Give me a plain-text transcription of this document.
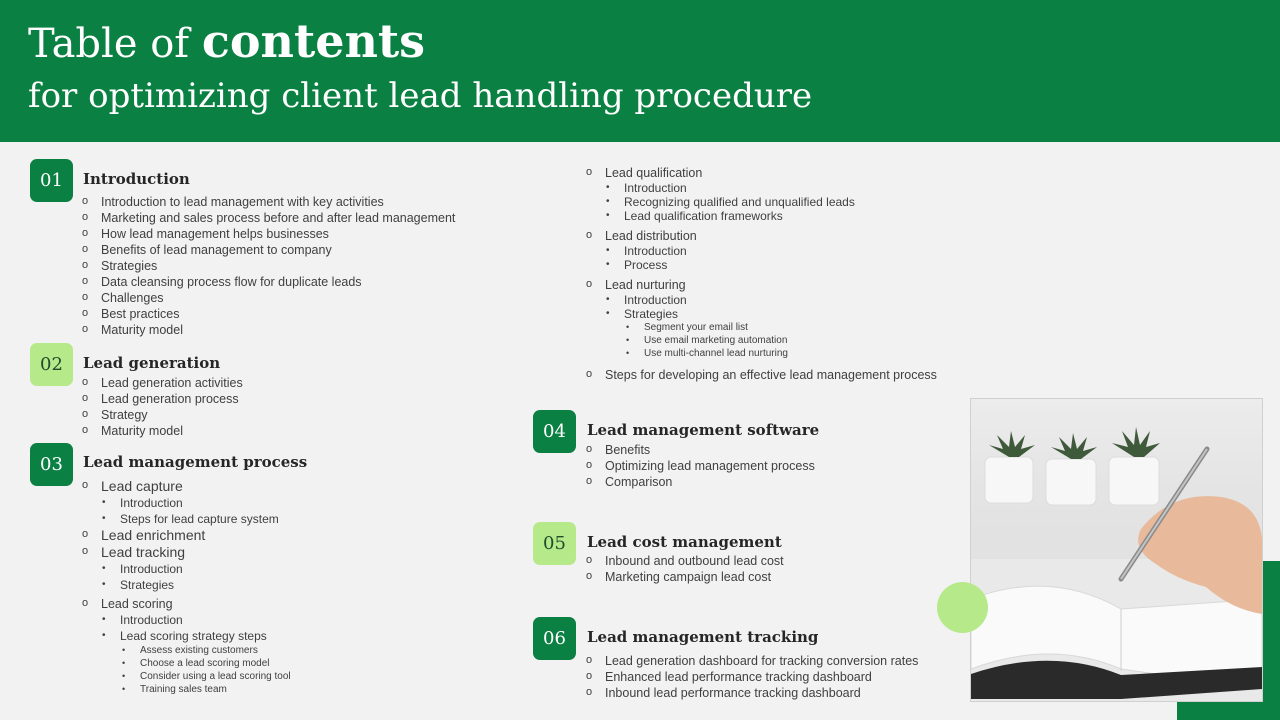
Table of contents
for optimizing client lead handling procedure
01	Introduction
o Introduction to lead management with key activities
o Marketing and sales process before and after lead management
o How lead management helps businesses
o Benefits of lead management to company
o Strategies
o Data cleansing process flow for duplicate leads
o Challenges
o Best practices
o Maturity model
02	Lead generation
o Lead generation activities
o Lead generation process
o Strategy
o Maturity model
03	Lead management process
o Lead capture
• Introduction
• Steps for lead capture system
o Lead enrichment
o Lead tracking
• Introduction
• Strategies
o Lead scoring
• Introduction
• Lead scoring strategy steps
• Assess existing customers
• Choose a lead scoring model
• Consider using a lead scoring tool
• Training sales team
o Lead qualification
• Introduction
• Recognizing qualified and unqualified leads
• Lead qualification frameworks
o Lead distribution
• Introduction
• Process
o Lead nurturing
• Introduction
• Strategies
• Segment your email list
• Use email marketing automation
• Use multi-channel lead nurturing
o Steps for developing an effective lead management process
04	Lead management software
o Benefits
o Optimizing lead management process
o Comparison
05	Lead cost management
o Inbound and outbound lead cost
o Marketing campaign lead cost
06	Lead management tracking
o Lead generation dashboard for tracking conversion rates
o Enhanced lead performance tracking dashboard
o Inbound lead performance tracking dashboard
